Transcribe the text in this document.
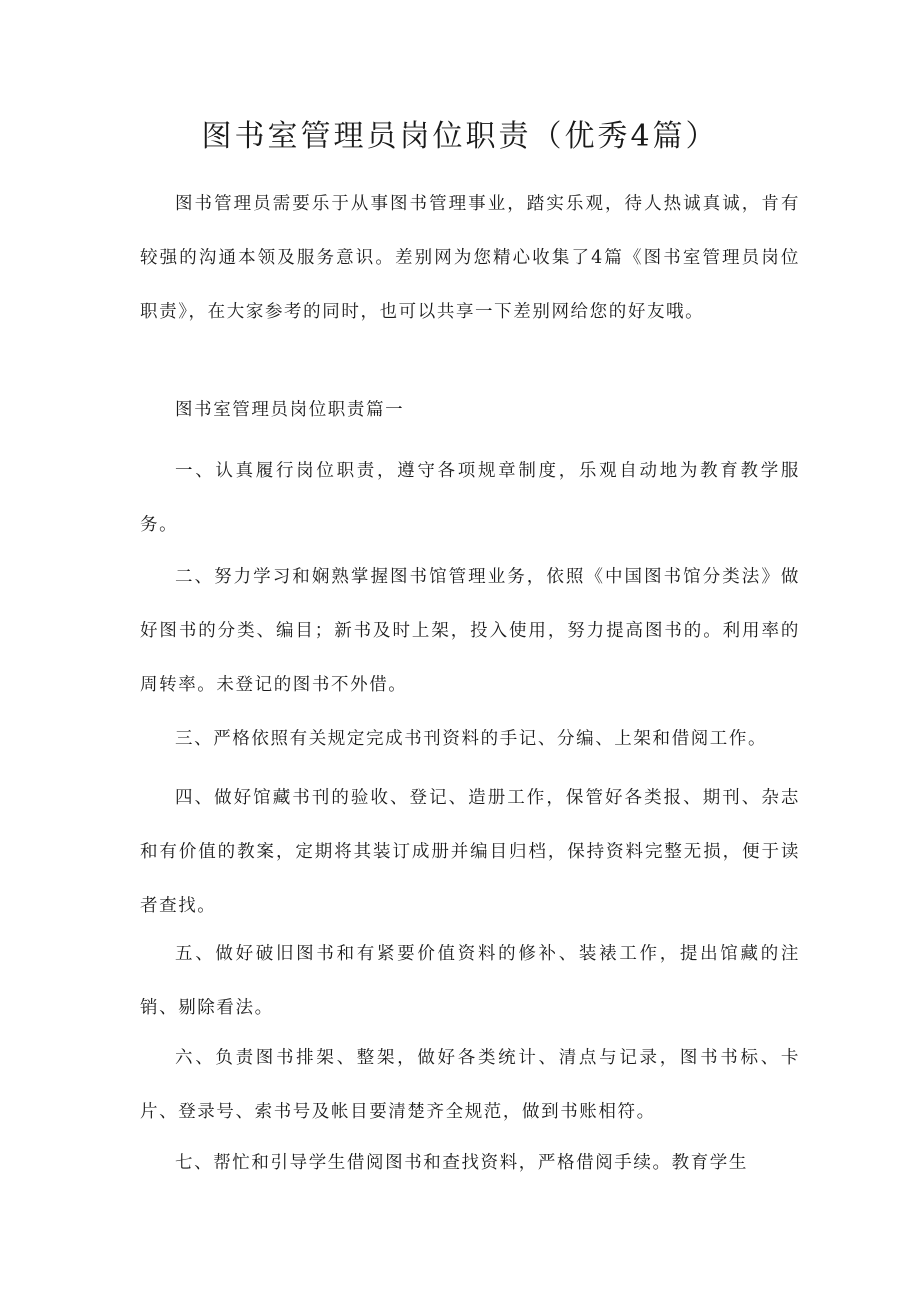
图书室管理员岗位职责（优秀4篇）

图书管理员需要乐于从事图书管理事业，踏实乐观，待人热诚真诚，肯有较强的沟通本领及服务意识。差别网为您精心收集了4篇《图书室管理员岗位职责》，在大家参考的同时，也可以共享一下差别网给您的好友哦。

图书室管理员岗位职责篇一

一、认真履行岗位职责，遵守各项规章制度，乐观自动地为教育教学服务。

二、努力学习和娴熟掌握图书馆管理业务，依照《中国图书馆分类法》做好图书的分类、编目；新书及时上架，投入使用，努力提高图书的。利用率的周转率。未登记的图书不外借。

三、严格依照有关规定完成书刊资料的手记、分编、上架和借阅工作。

四、做好馆藏书刊的验收、登记、造册工作，保管好各类报、期刊、杂志和有价值的教案，定期将其装订成册并编目归档，保持资料完整无损，便于读者查找。

五、做好破旧图书和有紧要价值资料的修补、装裱工作，提出馆藏的注销、剔除看法。

六、负责图书排架、整架，做好各类统计、清点与记录，图书书标、卡片、登录号、索书号及帐目要清楚齐全规范，做到书账相符。

七、帮忙和引导学生借阅图书和查找资料，严格借阅手续。教育学生
